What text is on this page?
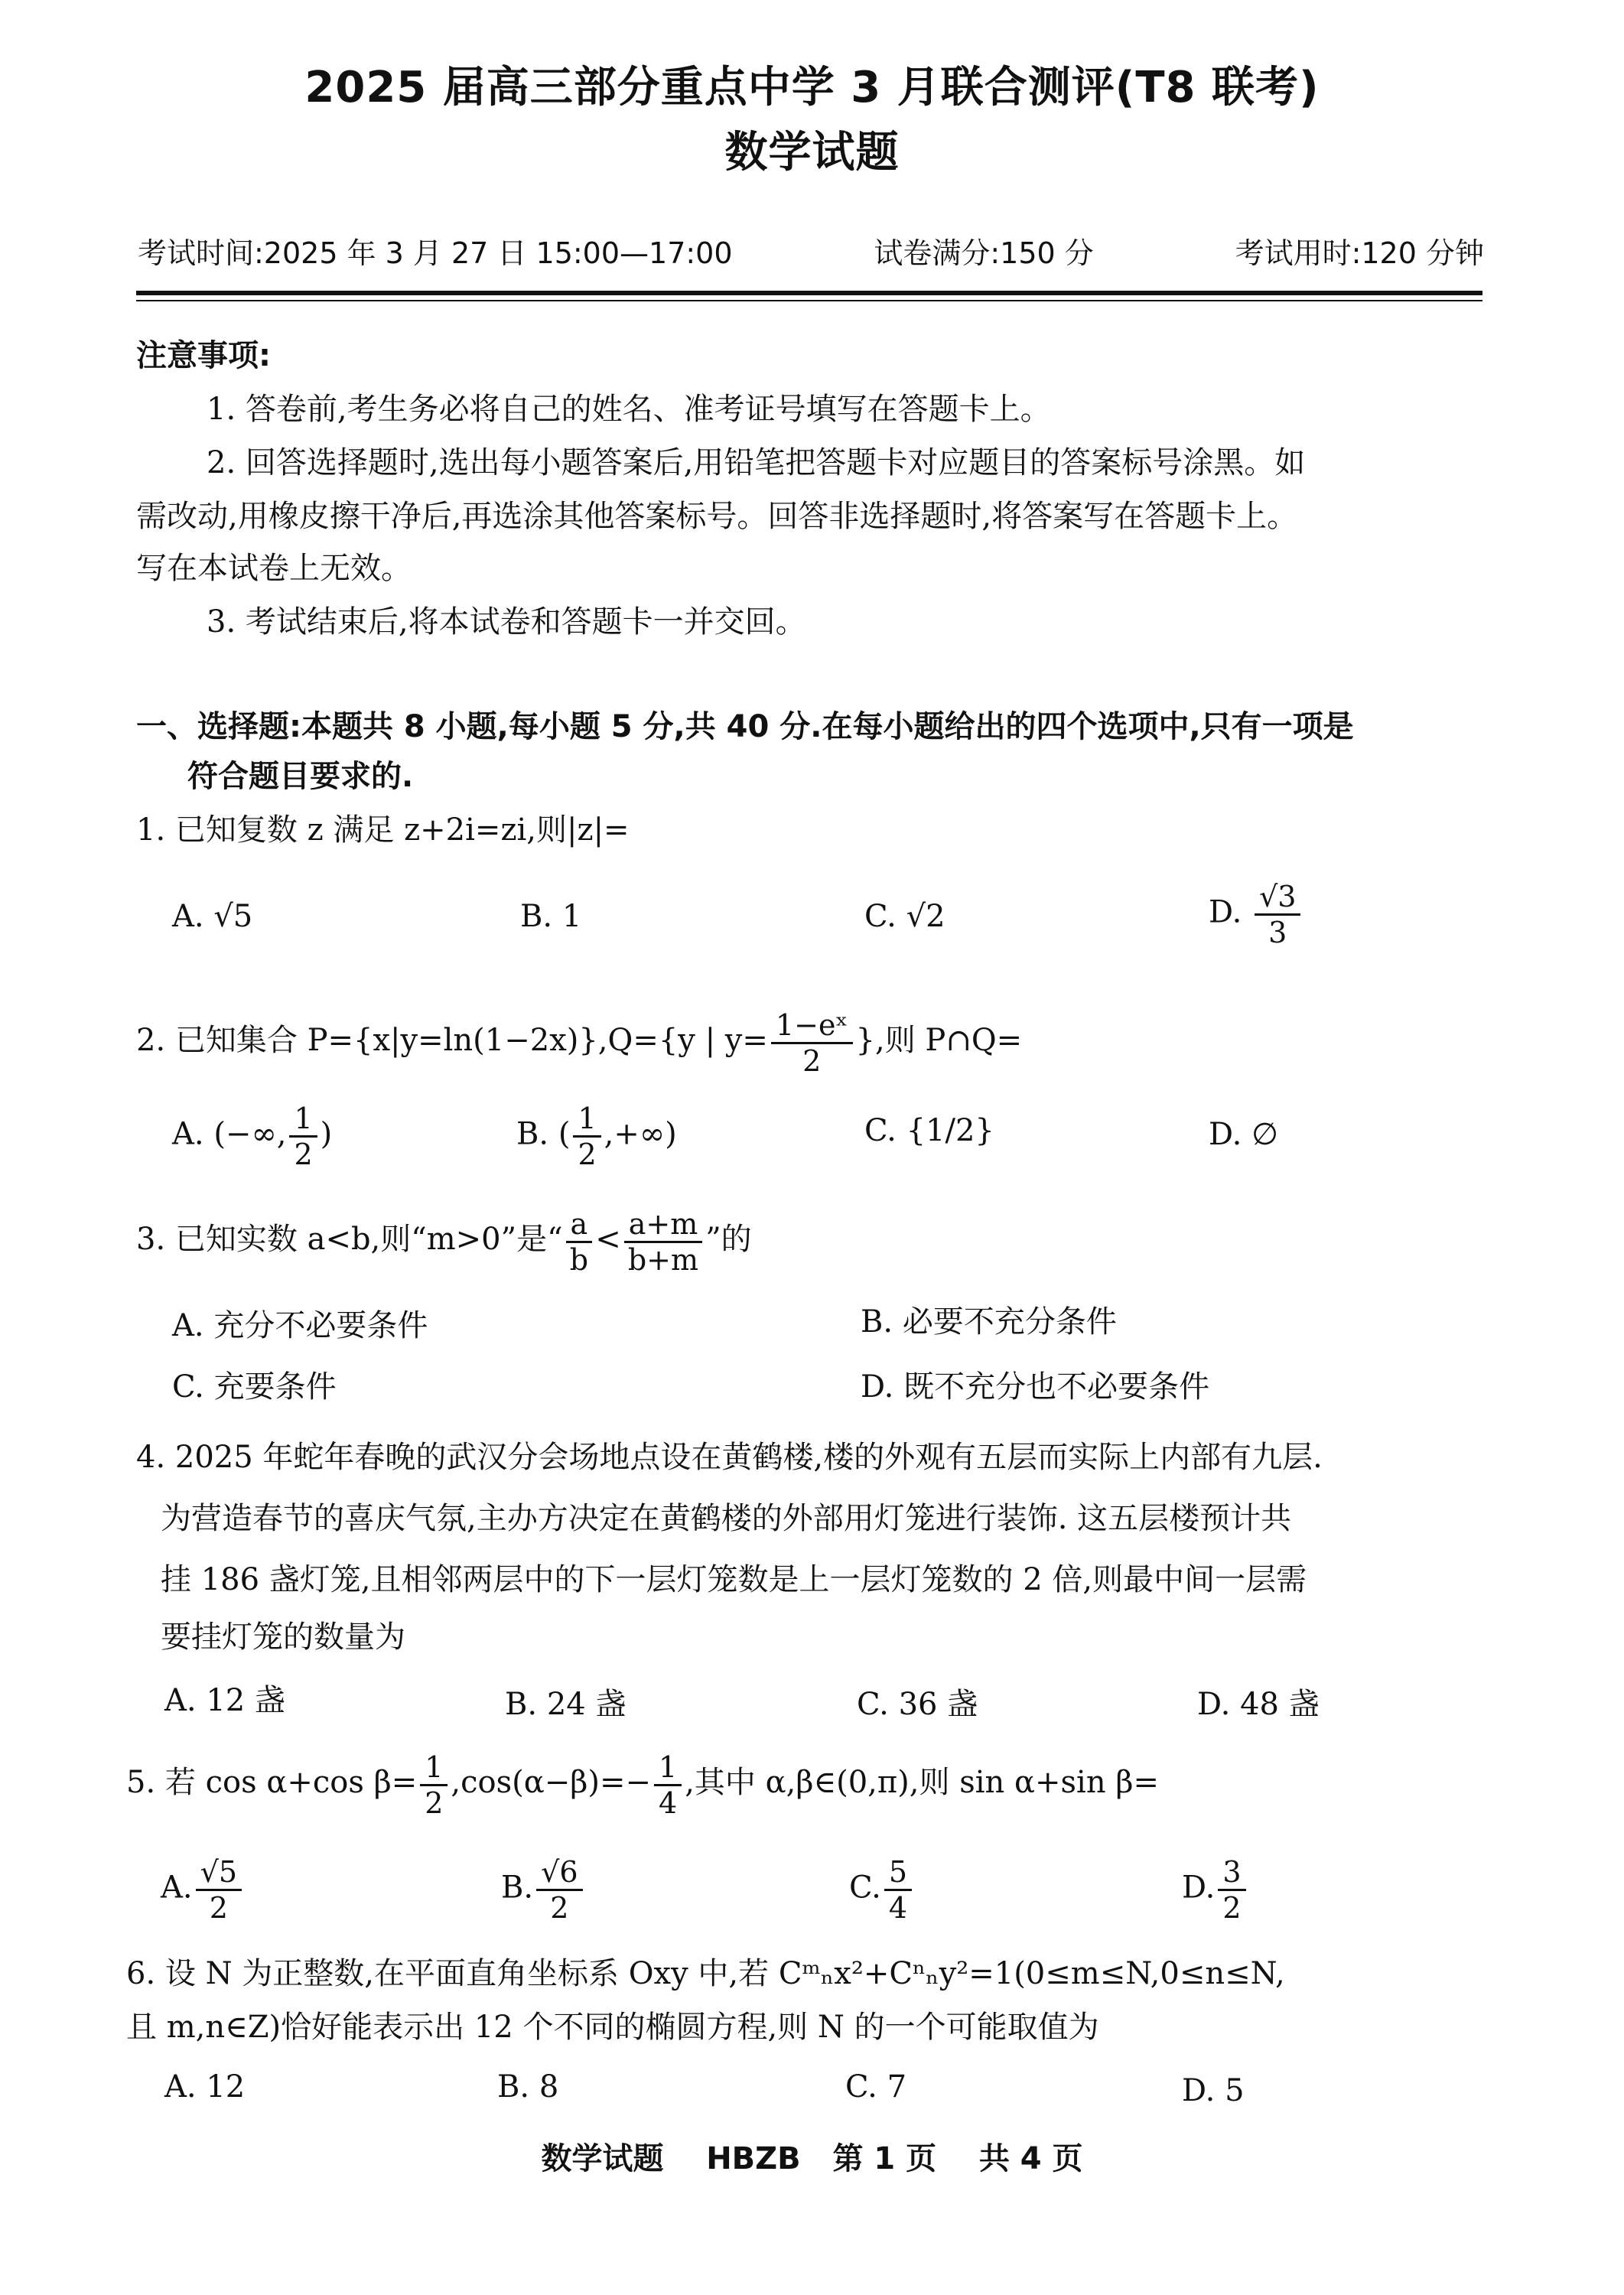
2025 届高三部分重点中学 3 月联合测评(T8 联考)
数学试题
考试时间:2025 年 3 月 27 日 15:00—17:00	试卷满分:150 分	考试用时:120 分钟
注意事项:
1. 答卷前,考生务必将自己的姓名、准考证号填写在答题卡上。
2. 回答选择题时,选出每小题答案后,用铅笔把答题卡对应题目的答案标号涂黑。如
需改动,用橡皮擦干净后,再选涂其他答案标号。回答非选择题时,将答案写在答题卡上。
写在本试卷上无效。
3. 考试结束后,将本试卷和答题卡一并交回。
一、选择题:本题共 8 小题,每小题 5 分,共 40 分.在每小题给出的四个选项中,只有一项是
符合题目要求的.
1. 已知复数 z 满足 z+2i=zi,则|z|=
A. √5	B. 1	C. √2	D. $\frac{√3}{3}$
2. 已知集合 P={x|y=ln(1−2x)},Q={y | $y= \frac{\text{1−eˣ}}{2}$ },则 P∩Q=
A. (−∞, $\frac{1}{2}$ )	B. ( $\frac{1}{2}$ ,+∞)	C. {1/2}	D. ∅
3. 已知实数 a<b,则“m>0”是“ $\frac{a}{b} < \frac{a+m}{b+m}$ ”的
A. 充分不必要条件	B. 必要不充分条件
C. 充要条件	D. 既不充分也不必要条件
4. 2025 年蛇年春晚的武汉分会场地点设在黄鹤楼,楼的外观有五层而实际上内部有九层.
为营造春节的喜庆气氛,主办方决定在黄鹤楼的外部用灯笼进行装饰. 这五层楼预计共
挂 186 盏灯笼,且相邻两层中的下一层灯笼数是上一层灯笼数的 2 倍,则最中间一层需
要挂灯笼的数量为
A. 12 盏	B. 24 盏	C. 36 盏	D. 48 盏
5. 若 cos α+cos $\beta= \frac{1}{2} ,\cos(\alpha-\beta)=- \frac{1}{4}$ ,其中 α,β∈(0,π),则 sin α+sin β=
A. $\frac{√5}{2}$	B. $\frac{√6}{2}$	C. $\frac{5}{4}$	D. $\frac{3}{2}$
6. 设 N 为正整数,在平面直角坐标系 Oxy 中,若 Cᵐₙx²+Cⁿₙy²=1(0≤m≤N,0≤n≤N,
且 m,n∈Z)恰好能表示出 12 个不同的椭圆方程,则 N 的一个可能取值为
A. 12	B. 8	C. 7	D. 5
数学试题 HBZB 第 1 页 共 4 页
